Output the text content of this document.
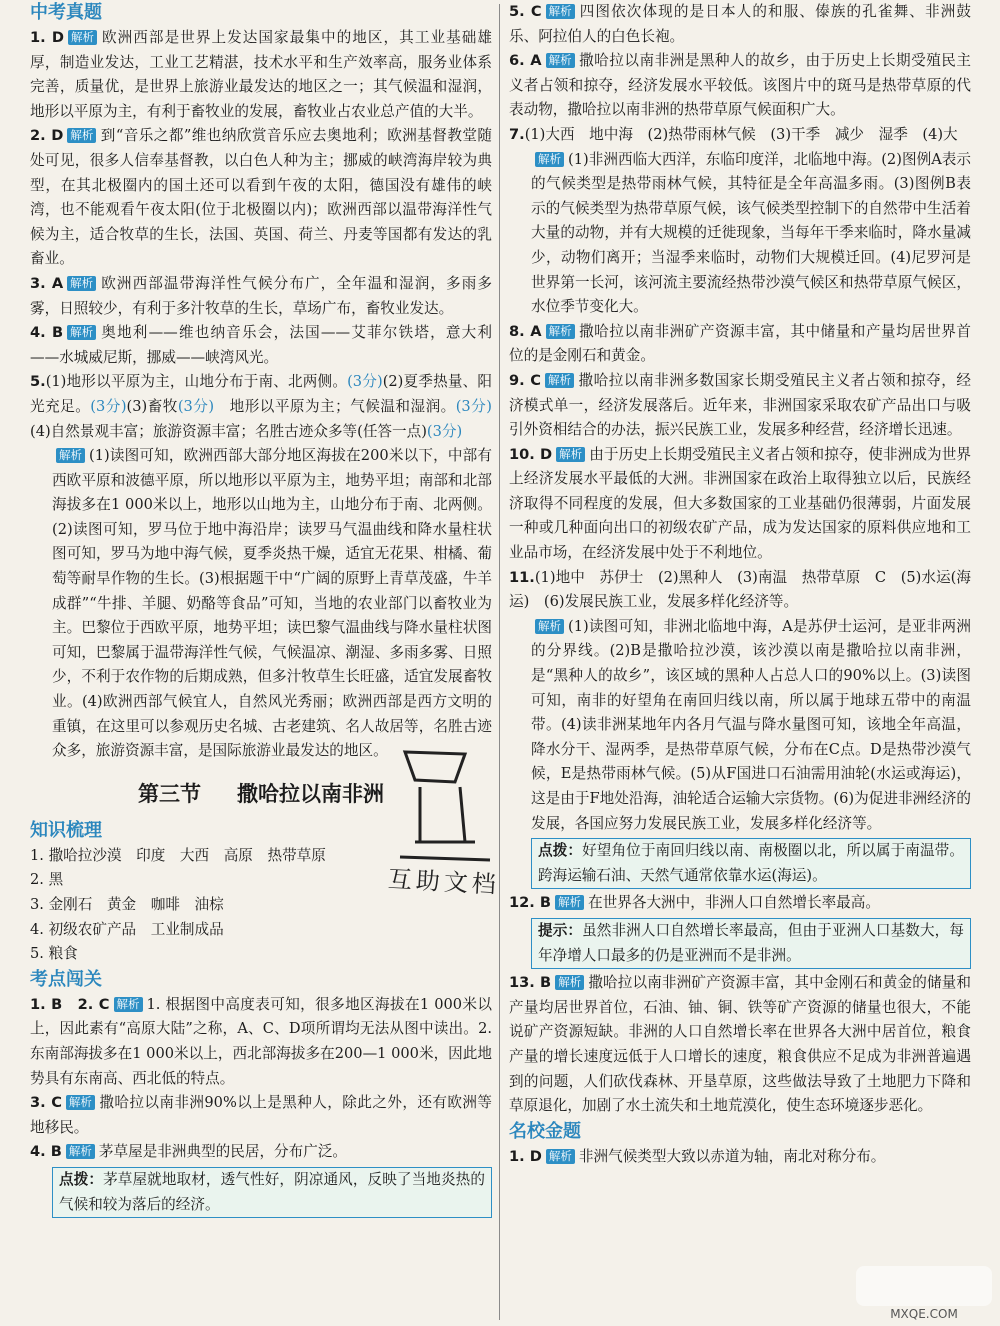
中考真题
1. D 解析 欧洲西部是世界上发达国家最集中的地区，其工业基础雄厚，制造业发达，工业工艺精湛，技术水平和生产效率高，服务业体系完善，质量优，是世界上旅游业最发达的地区之一；其气候温和湿润，地形以平原为主，有利于畜牧业的发展，畜牧业占农业总产值的大半。
2. D 解析 到“音乐之都”维也纳欣赏音乐应去奥地利；欧洲基督教堂随处可见，很多人信奉基督教，以白色人种为主；挪威的峡湾海岸较为典型，在其北极圈内的国土还可以看到午夜的太阳，德国没有雄伟的峡湾，也不能观看午夜太阳(位于北极圈以内)；欧洲西部以温带海洋性气候为主，适合牧草的生长，法国、英国、荷兰、丹麦等国都有发达的乳畜业。
3. A 解析 欧洲西部温带海洋性气候分布广，全年温和湿润，多雨多雾，日照较少，有利于多汁牧草的生长，草场广布，畜牧业发达。
4. B 解析 奥地利——维也纳音乐会，法国——艾菲尔铁塔，意大利——水城威尼斯，挪威——峡湾风光。
5.(1)地形以平原为主，山地分布于南、北两侧。(3分)(2)夏季热量、阳光充足。(3分)(3)畜牧(3分)　 地形以平原为主；气候温和湿润。(3分)(4)自然景观丰富；旅游资源丰富；名胜古迹众多等(任答一点)(3分)
解析 (1)读图可知，欧洲西部大部分地区海拔在200米以下，中部有西欧平原和波德平原，所以地形以平原为主，地势平坦；南部和北部海拔多在1 000米以上，地形以山地为主，山地分布于南、北两侧。(2)读图可知，罗马位于地中海沿岸；读罗马气温曲线和降水量柱状图可知，罗马为地中海气候，夏季炎热干燥，适宜无花果、柑橘、葡萄等耐旱作物的生长。(3)根据题干中“广阔的原野上青草茂盛，牛羊成群”“牛排、羊腿、奶酪等食品”可知，当地的农业部门以畜牧业为主。巴黎位于西欧平原，地势平坦；读巴黎气温曲线与降水量柱状图可知，巴黎属于温带海洋性气候，气候温凉、潮湿、多雨多雾、日照少，不利于农作物的后期成熟，但多汁牧草生长旺盛，适宜发展畜牧业。(4)欧洲西部气候宜人，自然风光秀丽；欧洲西部是西方文明的重镇，在这里可以参观历史名城、古老建筑、名人故居等，名胜古迹众多，旅游资源丰富，是国际旅游业最发达的地区。
第三节 撒哈拉以南非洲
知识梳理
1. 撒哈拉沙漠　印度　大西　高原　热带草原
2. 黑
3. 金刚石　黄金　咖啡　油棕
4. 初级农矿产品　工业制成品
5. 粮食
考点闯关
1. B　2. C 解析 1. 根据图中高度表可知，很多地区海拔在1 000米以上，因此素有“高原大陆”之称，A、C、D项所谓均无法从图中读出。2. 东南部海拔多在1 000米以上，西北部海拔多在200—1 000米，因此地势具有东南高、西北低的特点。
3. C 解析 撒哈拉以南非洲90%以上是黑种人，除此之外，还有欧洲等地移民。
4. B 解析 茅草屋是非洲典型的民居，分布广泛。
点拨：茅草屋就地取材，透气性好，阴凉通风，反映了当地炎热的气候和较为落后的经济。
5. C 解析 四图依次体现的是日本人的和服、傣族的孔雀舞、非洲鼓乐、阿拉伯人的白色长袍。
6. A 解析 撒哈拉以南非洲是黑种人的故乡，由于历史上长期受殖民主义者占领和掠夺，经济发展水平较低。该图片中的斑马是热带草原的代表动物，撒哈拉以南非洲的热带草原气候面积广大。
7.(1)大西　地中海　(2)热带雨林气候　(3)干季　减少　湿季　(4)大
解析 (1)非洲西临大西洋，东临印度洋，北临地中海。(2)图例A表示的气候类型是热带雨林气候，其特征是全年高温多雨。(3)图例B表示的气候类型为热带草原气候，该气候类型控制下的自然带中生活着大量的动物，并有大规模的迁徙现象，当每年干季来临时，降水量减少，动物们离开；当湿季来临时，动物们大规模迁回。(4)尼罗河是世界第一长河，该河流主要流经热带沙漠气候区和热带草原气候区，水位季节变化大。
8. A 解析 撒哈拉以南非洲矿产资源丰富，其中储量和产量均居世界首位的是金刚石和黄金。
9. C 解析 撒哈拉以南非洲多数国家长期受殖民主义者占领和掠夺，经济模式单一，经济发展落后。近年来，非洲国家采取农矿产品出口与吸引外资相结合的办法，振兴民族工业，发展多种经营，经济增长迅速。
10. D 解析 由于历史上长期受殖民主义者占领和掠夺，使非洲成为世界上经济发展水平最低的大洲。非洲国家在政治上取得独立以后，民族经济取得不同程度的发展，但大多数国家的工业基础仍很薄弱，片面发展一种或几种面向出口的初级农矿产品，成为发达国家的原料供应地和工业品市场，在经济发展中处于不利地位。
11.(1)地中　苏伊士　(2)黑种人　(3)南温　热带草原　C　(5)水运(海运)　(6)发展民族工业，发展多样化经济等。
解析 (1)读图可知，非洲北临地中海，A是苏伊士运河，是亚非两洲的分界线。(2)B是撒哈拉沙漠，该沙漠以南是撒哈拉以南非洲，是“黑种人的故乡”，该区域的黑种人占总人口的90%以上。(3)读图可知，南非的好望角在南回归线以南，所以属于地球五带中的南温带。(4)读非洲某地年内各月气温与降水量图可知，该地全年高温，降水分干、湿两季，是热带草原气候，分布在C点。D是热带沙漠气候，E是热带雨林气候。(5)从F国进口石油需用油轮(水运或海运)，这是由于F地处沿海，油轮适合运输大宗货物。(6)为促进非洲经济的发展，各国应努力发展民族工业，发展多样化经济等。
点拨：好望角位于南回归线以南、南极圈以北，所以属于南温带。跨海运输石油、天然气通常依靠水运(海运)。
12. B 解析 在世界各大洲中，非洲人口自然增长率最高。
提示：虽然非洲人口自然增长率最高，但由于亚洲人口基数大，每年净增人口最多的仍是亚洲而不是非洲。
13. B 解析 撒哈拉以南非洲矿产资源丰富，其中金刚石和黄金的储量和产量均居世界首位，石油、铀、铜、铁等矿产资源的储量也很大，不能说矿产资源短缺。非洲的人口自然增长率在世界各大洲中居首位，粮食产量的增长速度远低于人口增长的速度，粮食供应不足成为非洲普遍遇到的问题，人们砍伐森林、开垦草原，这些做法导致了土地肥力下降和草原退化，加剧了水土流失和土地荒漠化，使生态环境逐步恶化。
名校金题
1. D 解析 非洲气候类型大致以赤道为轴，南北对称分布。
互助文档
MXQE.COM
